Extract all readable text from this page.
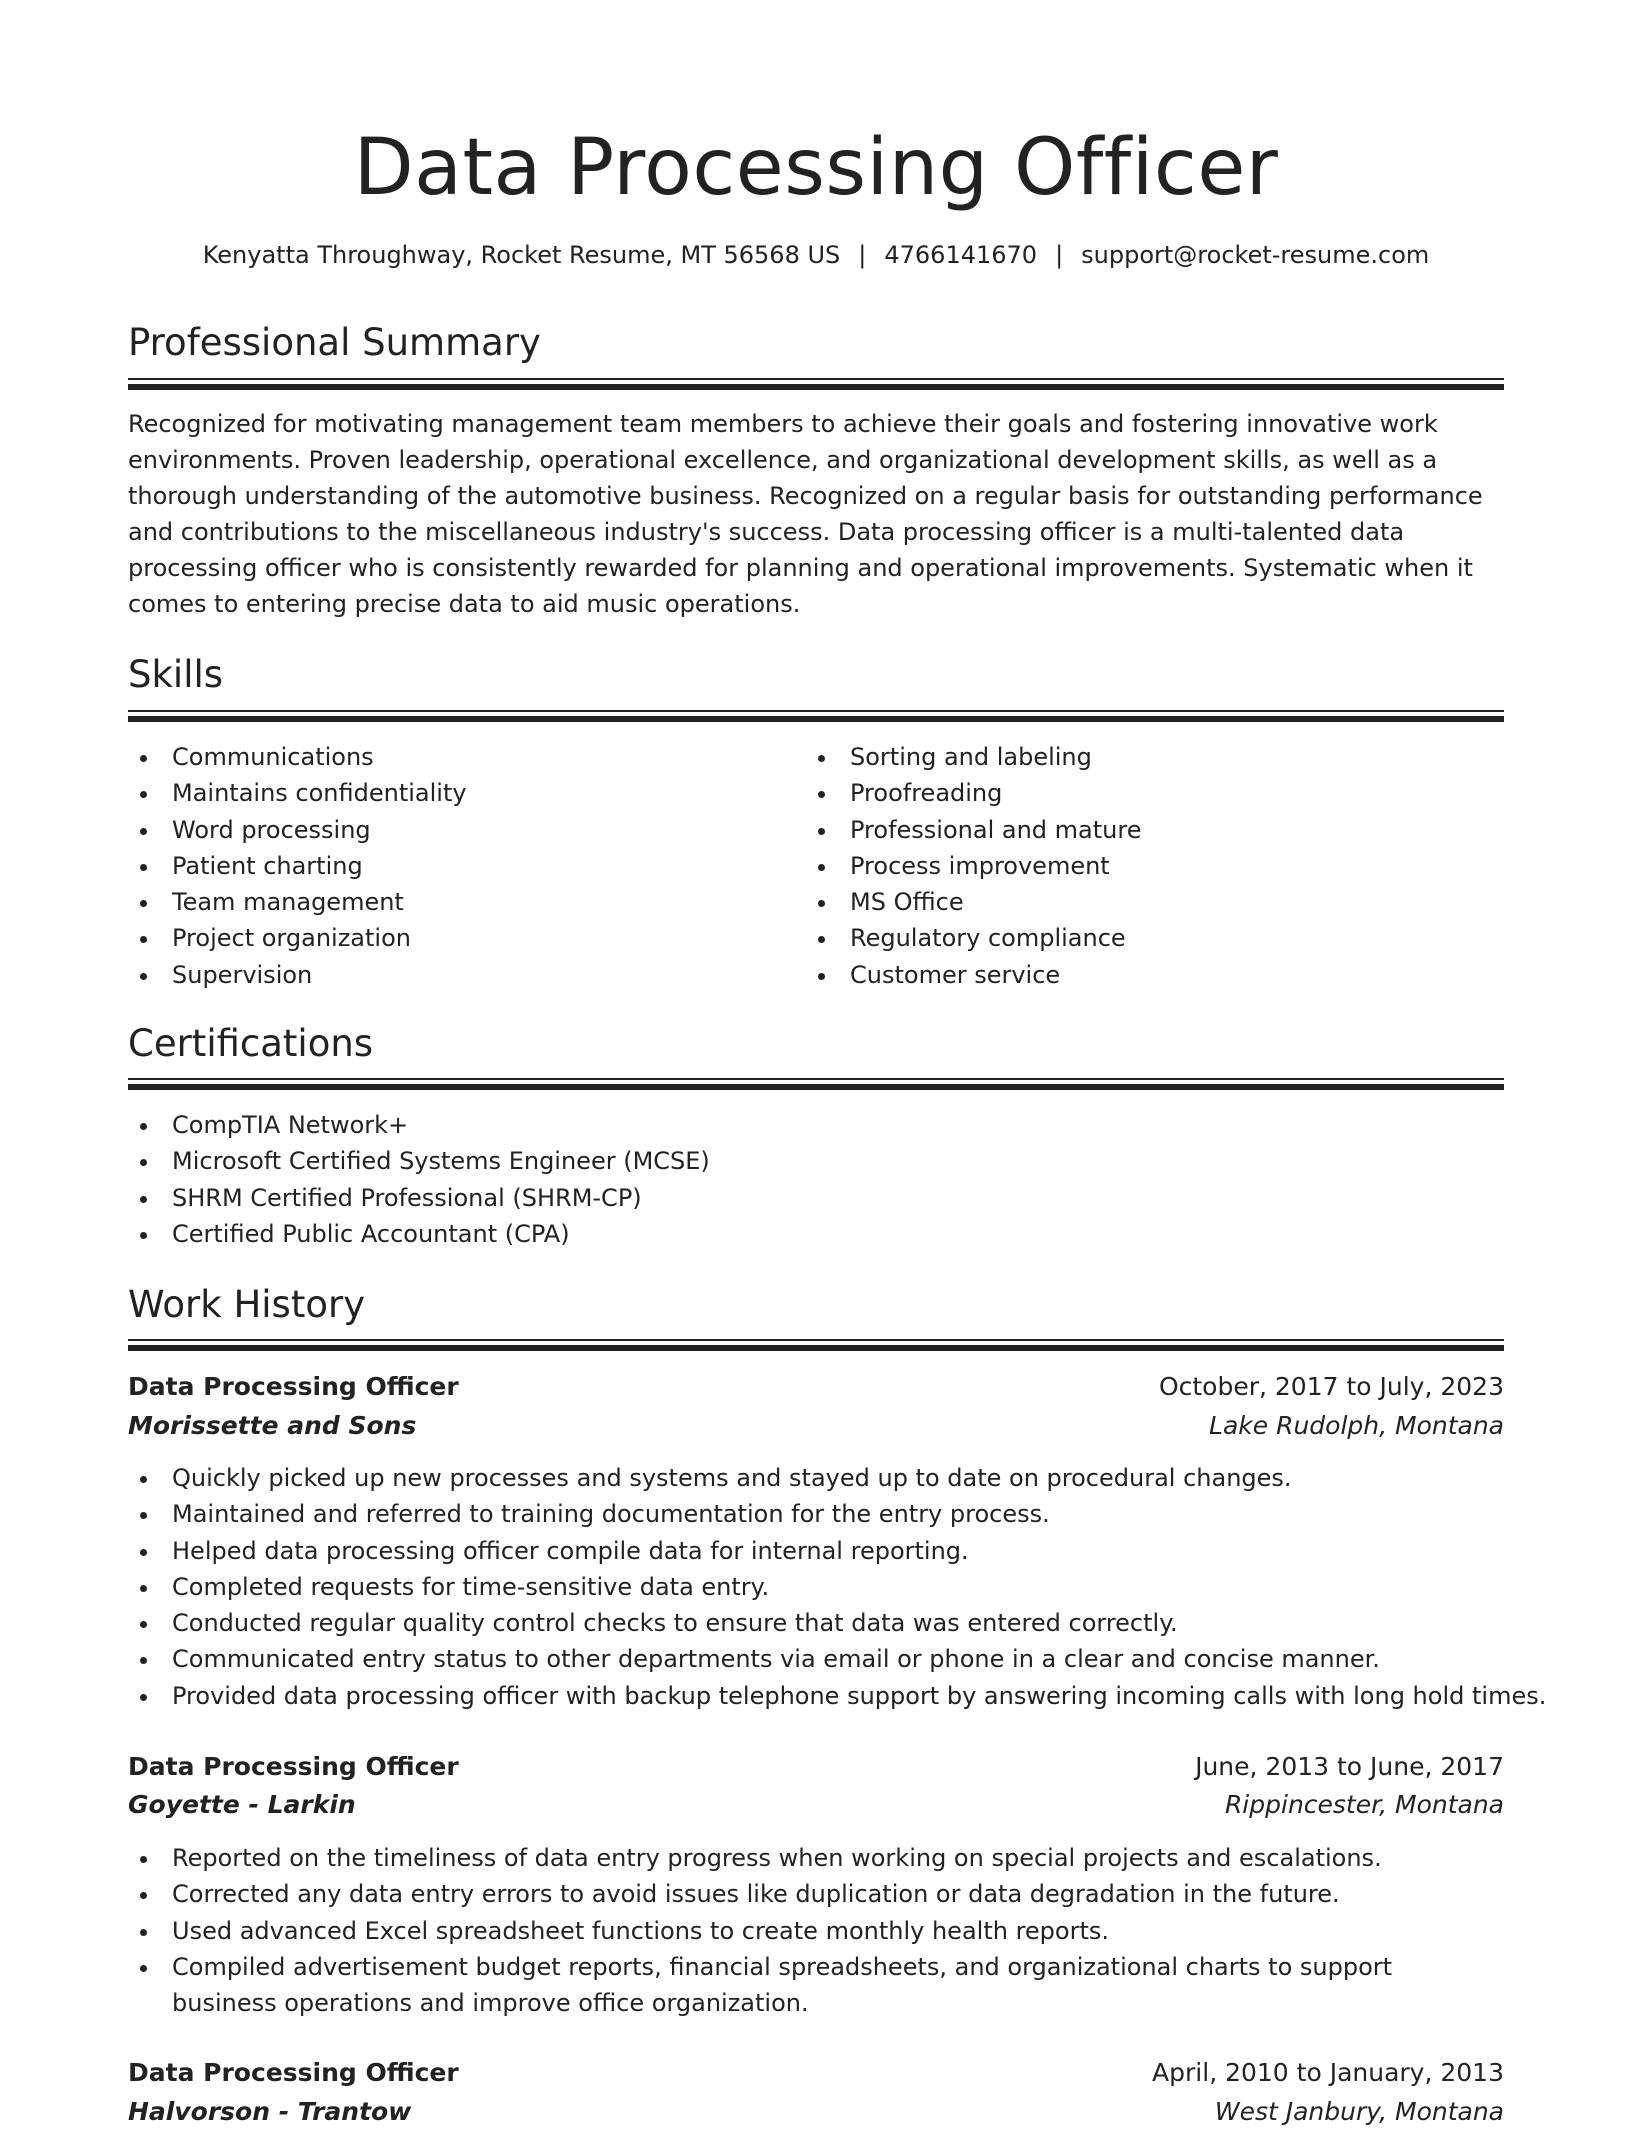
Data Processing Officer
Kenyatta Throughway, Rocket Resume, MT 56568 US | 4766141670 | support@rocket-resume.com
Professional Summary

Recognized for motivating management team members to achieve their goals and fostering innovative work environments. Proven leadership, operational excellence, and organizational development skills, as well as a thorough understanding of the automotive business. Recognized on a regular basis for outstanding performance and contributions to the miscellaneous industry's success. Data processing officer is a multi-talented data processing officer who is consistently rewarded for planning and operational improvements. Systematic when it comes to entering precise data to aid music operations.

Skills
Communications
Maintains confidentiality
Word processing
Patient charting
Team management
Project organization
Supervision
Sorting and labeling
Proofreading
Professional and mature
Process improvement
MS Office
Regulatory compliance
Customer service
Certifications
CompTIA Network+
Microsoft Certified Systems Engineer (MCSE)
SHRM Certified Professional (SHRM-CP)
Certified Public Accountant (CPA)
Work History
Data Processing Officer	October, 2017 to July, 2023
Morissette and Sons	Lake Rudolph, Montana
Quickly picked up new processes and systems and stayed up to date on procedural changes.
Maintained and referred to training documentation for the entry process.
Helped data processing officer compile data for internal reporting.
Completed requests for time-sensitive data entry.
Conducted regular quality control checks to ensure that data was entered correctly.
Communicated entry status to other departments via email or phone in a clear and concise manner.
Provided data processing officer with backup telephone support by answering incoming calls with long hold times.
Data Processing Officer	June, 2013 to June, 2017
Goyette - Larkin	Rippincester, Montana
Reported on the timeliness of data entry progress when working on special projects and escalations.
Corrected any data entry errors to avoid issues like duplication or data degradation in the future.
Used advanced Excel spreadsheet functions to create monthly health reports.
Compiled advertisement budget reports, financial spreadsheets, and organizational charts to support business operations and improve office organization.
Data Processing Officer	April, 2010 to January, 2013
Halvorson - Trantow	West Janbury, Montana
